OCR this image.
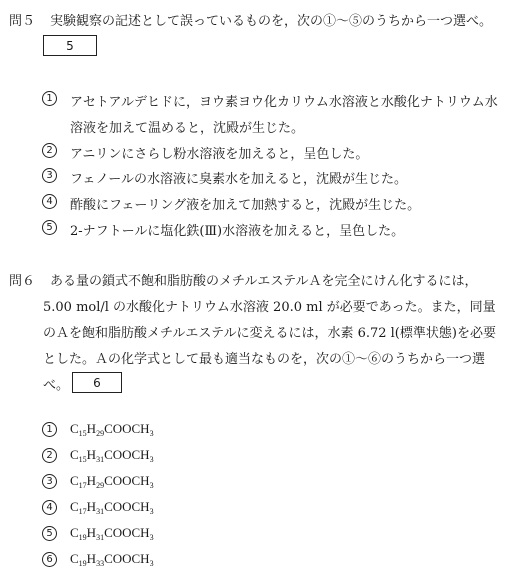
問５ 実験観察の記述として誤っているものを，次の①～⑤のうちから一つ選べ。
5
1	アセトアルデヒドに，ヨウ素ヨウ化カリウム水溶液と水酸化ナトリウム水
溶液を加えて温めると，沈殿が生じた。
2	アニリンにさらし粉水溶液を加えると，呈色した。
3	フェノールの水溶液に臭素水を加えると，沈殿が生じた。
4	酢酸にフェーリング液を加えて加熱すると，沈殿が生じた。
5	2-ナフトールに塩化鉄(Ⅲ)水溶液を加えると，呈色した。
問６ ある量の鎖式不飽和脂肪酸のメチルエステルＡを完全にけん化するには，
5.00 mol/l の水酸化ナトリウム水溶液 20.0 ml が必要であった。また，同量
のＡを飽和脂肪酸メチルエステルに変えるには，水素 6.72 l(標準状態)を必要
とした。Ａの化学式として最も適当なものを，次の①～⑥のうちから一つ選
べ。	6
1	$C_{15}H_{29}COOCH_3$
2	$C_{15}H_{31}COOCH_3$
3	$C_{17}H_{29}COOCH_3$
4	$C_{17}H_{31}COOCH_3$
5	$C_{19}H_{31}COOCH_3$
6	$C_{19}H_{33}COOCH_3$
